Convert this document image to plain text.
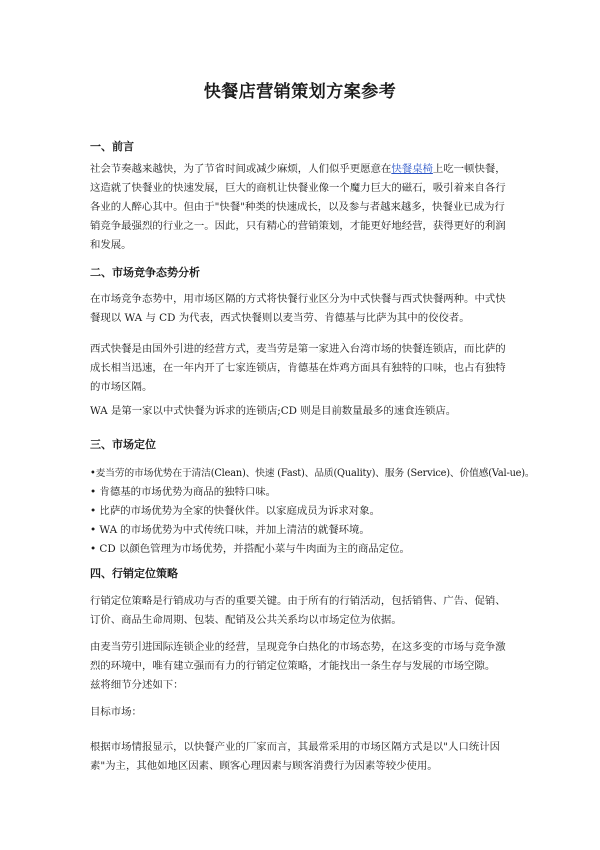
快餐店营销策划方案参考
一、前言
社会节奏越来越快，为了节省时间或减少麻烦，人们似乎更愿意在快餐桌椅上吃一顿快餐，
这造就了快餐业的快速发展，巨大的商机让快餐业像一个魔力巨大的磁石，吸引着来自各行
各业的人醉心其中。但由于"快餐"种类的快速成长，以及参与者越来越多，快餐业已成为行
销竞争最强烈的行业之一。因此，只有精心的营销策划，才能更好地经营，获得更好的利润
和发展。
二、市场竞争态势分析
在市场竞争态势中，用市场区隔的方式将快餐行业区分为中式快餐与西式快餐两种。中式快
餐现以 WA 与 CD 为代表，西式快餐则以麦当劳、肯德基与比萨为其中的佼佼者。
西式快餐是由国外引进的经营方式，麦当劳是第一家进入台湾市场的快餐连锁店，而比萨的
成长相当迅速，在一年内开了七家连锁店，肯德基在炸鸡方面具有独特的口味，也占有独特
的市场区隔。
WA 是第一家以中式快餐为诉求的连锁店;CD 则是目前数量最多的速食连锁店。
三、市场定位
•麦当劳的市场优势在于清洁(Clean)、快速 (Fast)、品质(Quality)、服务 (Service)、价值感(Val-ue)。
• 肯德基的市场优势为商品的独特口味。
• 比萨的市场优势为全家的快餐伙伴。以家庭成员为诉求对象。
• WA 的市场优势为中式传统口味，并加上清洁的就餐环境。
• CD 以颜色管理为市场优势，并搭配小菜与牛肉面为主的商品定位。
四、行销定位策略
行销定位策略是行销成功与否的重要关键。由于所有的行销活动，包括销售、广告、促销、
订价、商品生命周期、包装、配销及公共关系均以市场定位为依据。
由麦当劳引进国际连锁企业的经营，呈现竞争白热化的市场态势，在这多变的市场与竞争激
烈的环境中，唯有建立强而有力的行销定位策略，才能找出一条生存与发展的市场空隙。
兹将细节分述如下：
目标市场：
根据市场情报显示，以快餐产业的厂家而言，其最常采用的市场区隔方式是以"人口统计因
素"为主，其他如地区因素、顾客心理因素与顾客消费行为因素等较少使用。
